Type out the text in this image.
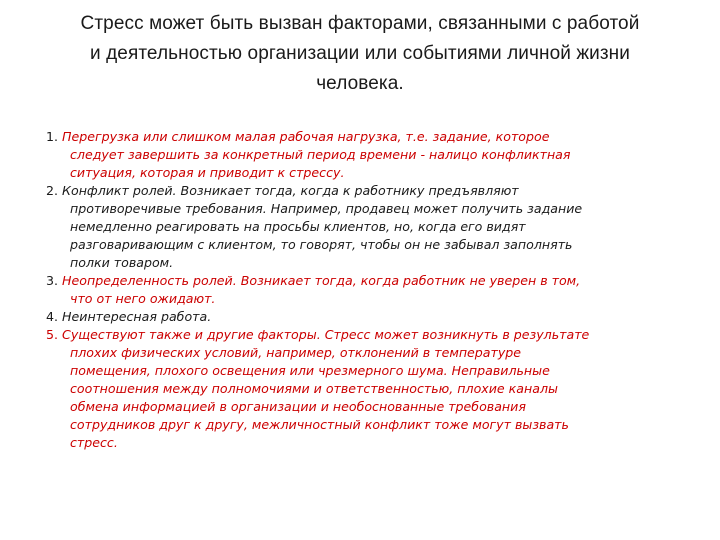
Стресс может быть вызван факторами, связанными с работой
и деятельностью организации или событиями личной жизни
человека.
1. Перегрузка или слишком малая рабочая нагрузка, т.е. задание, которое
следует завершить за конкретный период времени - налицо конфликтная
ситуация, которая и приводит к стрессу.
2. Конфликт ролей. Возникает тогда, когда к работнику предъявляют
противоречивые требования. Например, продавец может получить задание
немедленно реагировать на просьбы клиентов, но, когда его видят
разговаривающим с клиентом, то говорят, чтобы он не забывал заполнять
полки товаром.
3. Неопределенность ролей. Возникает тогда, когда работник не уверен в том,
что от него ожидают.
4. Неинтересная работа.
5. Существуют также и другие факторы. Стресс может возникнуть в результате
плохих физических условий, например, отклонений в температуре
помещения, плохого освещения или чрезмерного шума. Неправильные
соотношения между полномочиями и ответственностью, плохие каналы
обмена информацией в организации и необоснованные требования
сотрудников друг к другу, межличностный конфликт тоже могут вызвать
стресс.
